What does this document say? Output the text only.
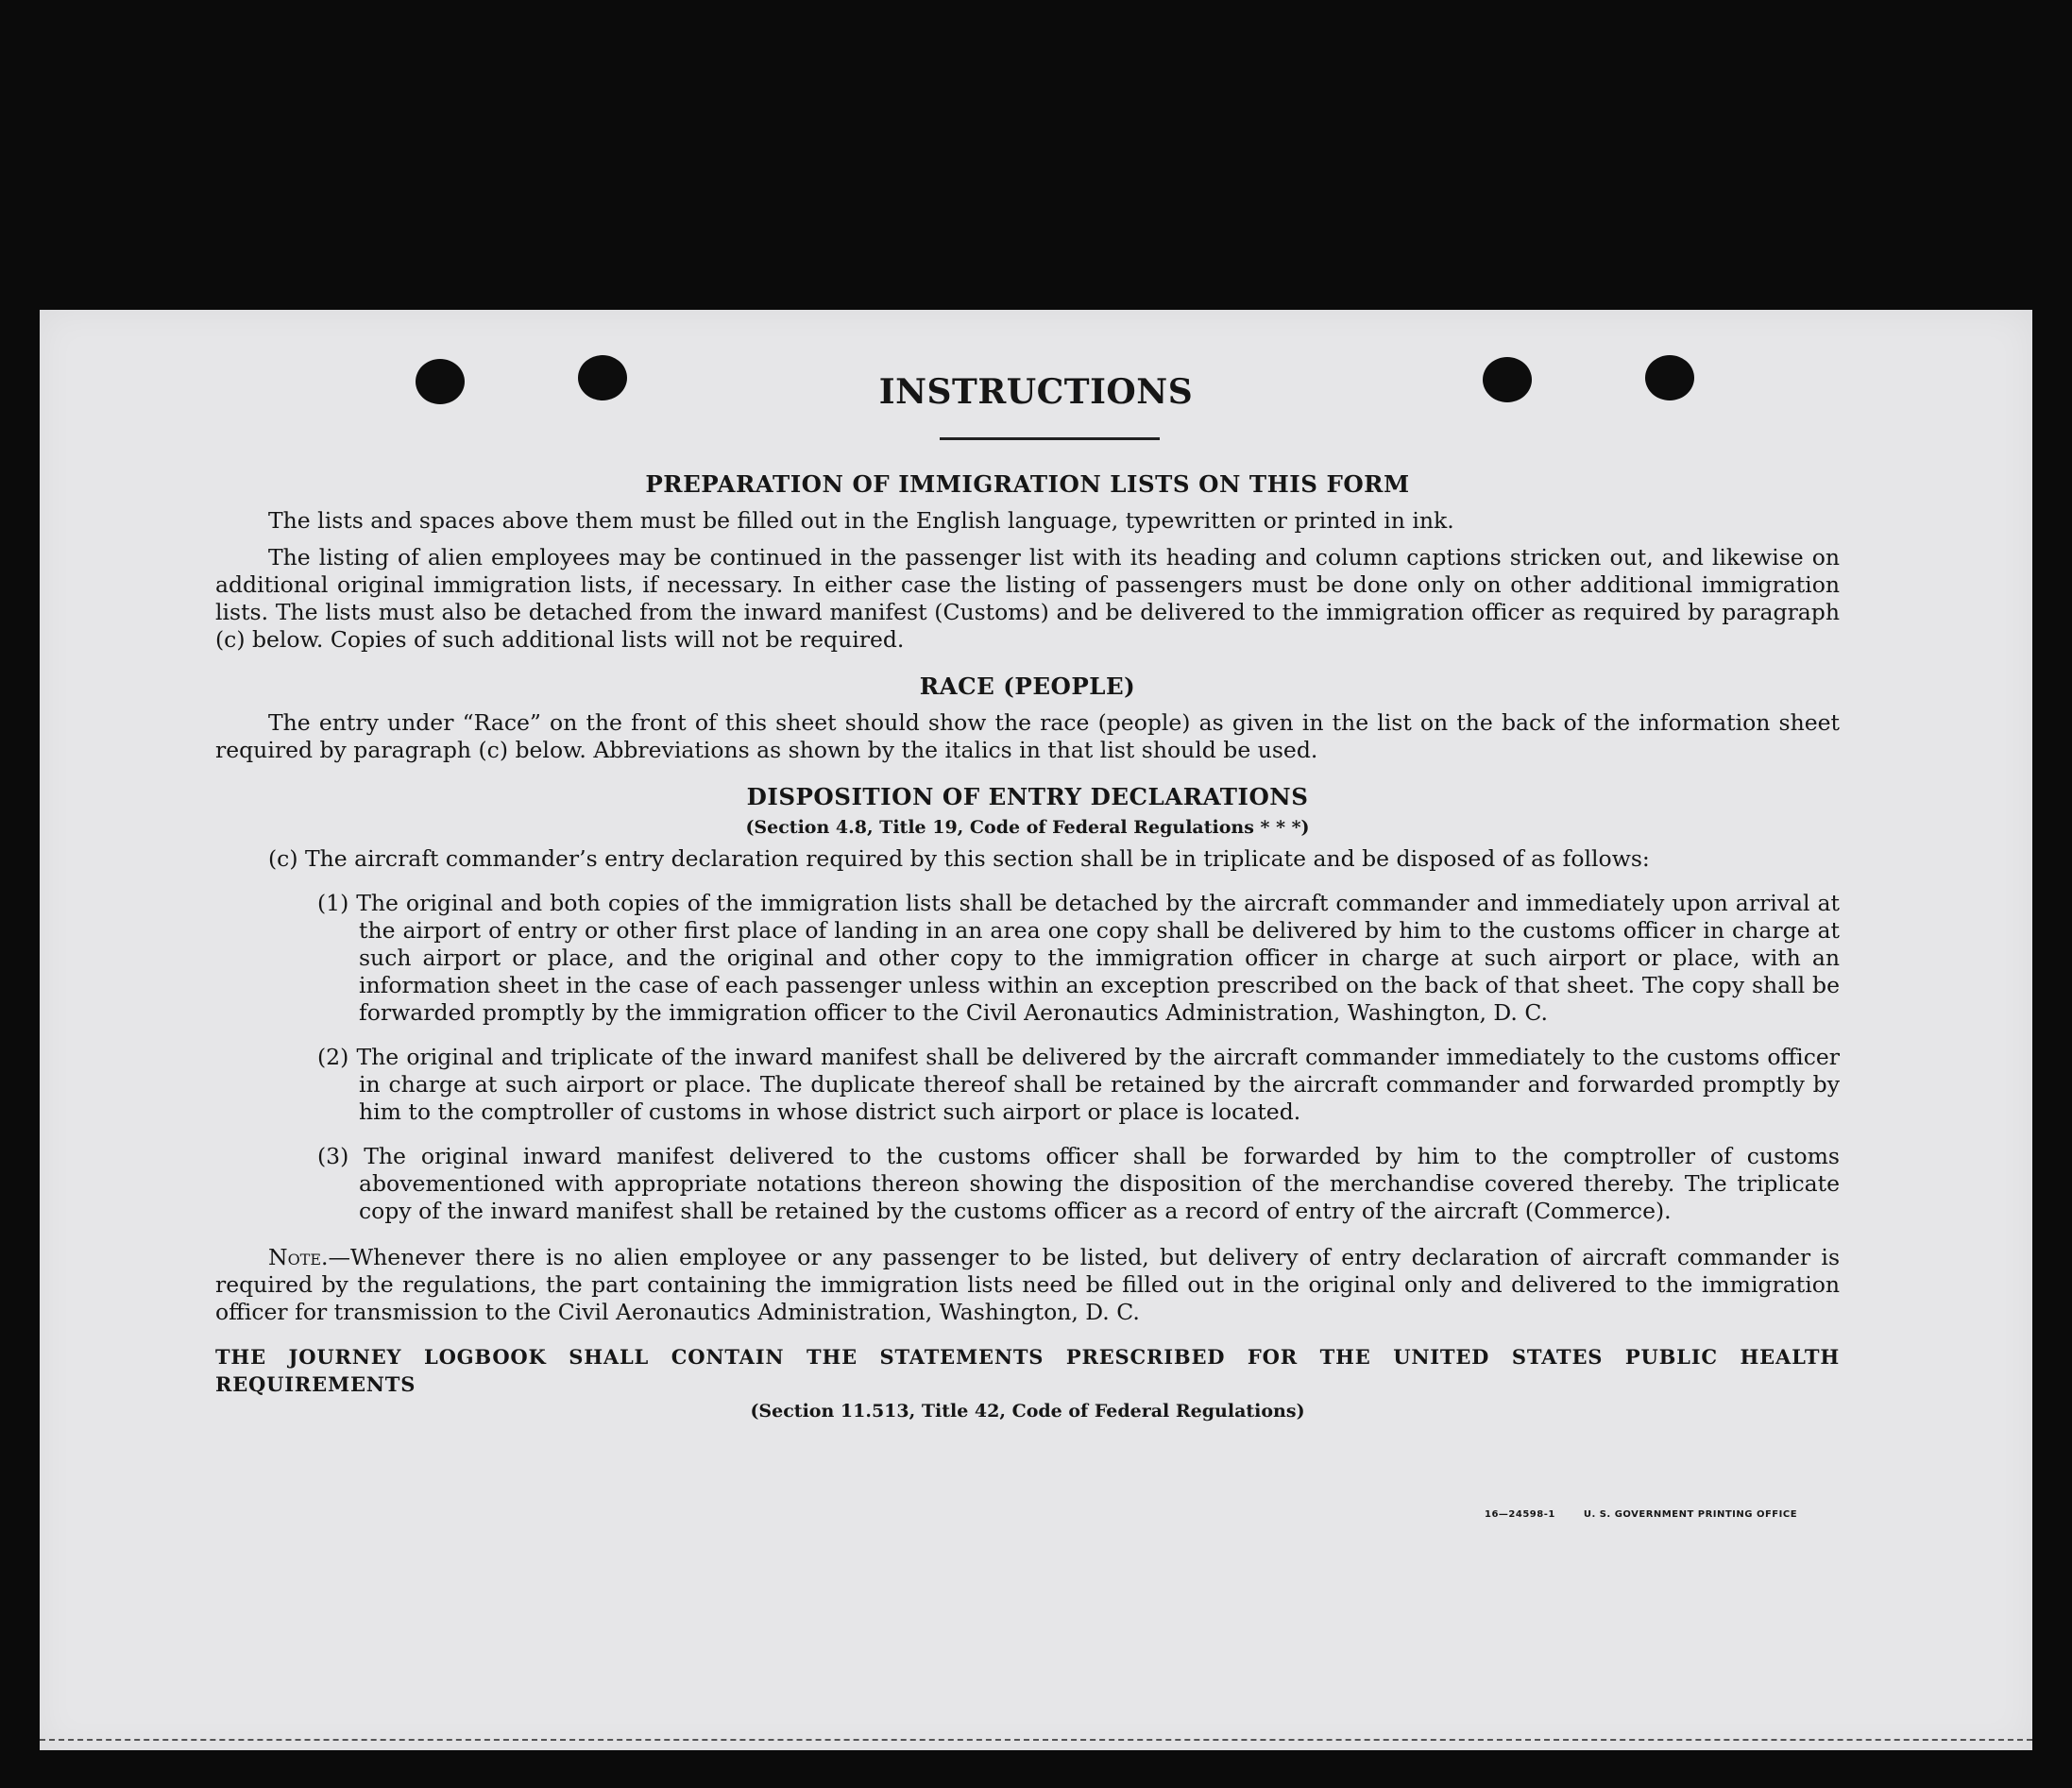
INSTRUCTIONS
PREPARATION OF IMMIGRATION LISTS ON THIS FORM

The lists and spaces above them must be filled out in the English language, typewritten or printed in ink.

The listing of alien employees may be continued in the passenger list with its heading and column captions stricken out, and likewise on additional original immigration lists, if necessary. In either case the listing of passengers must be done only on other additional immigration lists. The lists must also be detached from the inward manifest (Customs) and be delivered to the immigration officer as required by paragraph (c) below. Copies of such additional lists will not be required.

RACE (PEOPLE)

The entry under “Race” on the front of this sheet should show the race (people) as given in the list on the back of the information sheet required by paragraph (c) below. Abbreviations as shown by the italics in that list should be used.

DISPOSITION OF ENTRY DECLARATIONS
(Section 4.8, Title 19, Code of Federal Regulations * * *)

(c) The aircraft commander’s entry declaration required by this section shall be in triplicate and be disposed of as follows:

(1) The original and both copies of the immigration lists shall be detached by the aircraft commander and immediately upon arrival at the airport of entry or other first place of landing in an area one copy shall be delivered by him to the customs officer in charge at such airport or place, and the original and other copy to the immigration officer in charge at such airport or place, with an information sheet in the case of each passenger unless within an exception prescribed on the back of that sheet. The copy shall be forwarded promptly by the immigration officer to the Civil Aeronautics Administration, Washington, D. C.

(2) The original and triplicate of the inward manifest shall be delivered by the aircraft commander immediately to the customs officer in charge at such airport or place. The duplicate thereof shall be retained by the aircraft commander and forwarded promptly by him to the comptroller of customs in whose district such airport or place is located.

(3) The original inward manifest delivered to the customs officer shall be forwarded by him to the comptroller of customs abovementioned with appropriate notations thereon showing the disposition of the merchandise covered thereby. The triplicate copy of the inward manifest shall be retained by the customs officer as a record of entry of the aircraft (Commerce).

Note.—Whenever there is no alien employee or any passenger to be listed, but delivery of entry declaration of aircraft commander is required by the regulations, the part containing the immigration lists need be filled out in the original only and delivered to the immigration officer for transmission to the Civil Aeronautics Administration, Washington, D. C.

THE JOURNEY LOGBOOK SHALL CONTAIN THE STATEMENTS PRESCRIBED FOR THE UNITED STATES PUBLIC HEALTH REQUIREMENTS
(Section 11.513, Title 42, Code of Federal Regulations)
16—24598-1	U. S. GOVERNMENT PRINTING OFFICE
